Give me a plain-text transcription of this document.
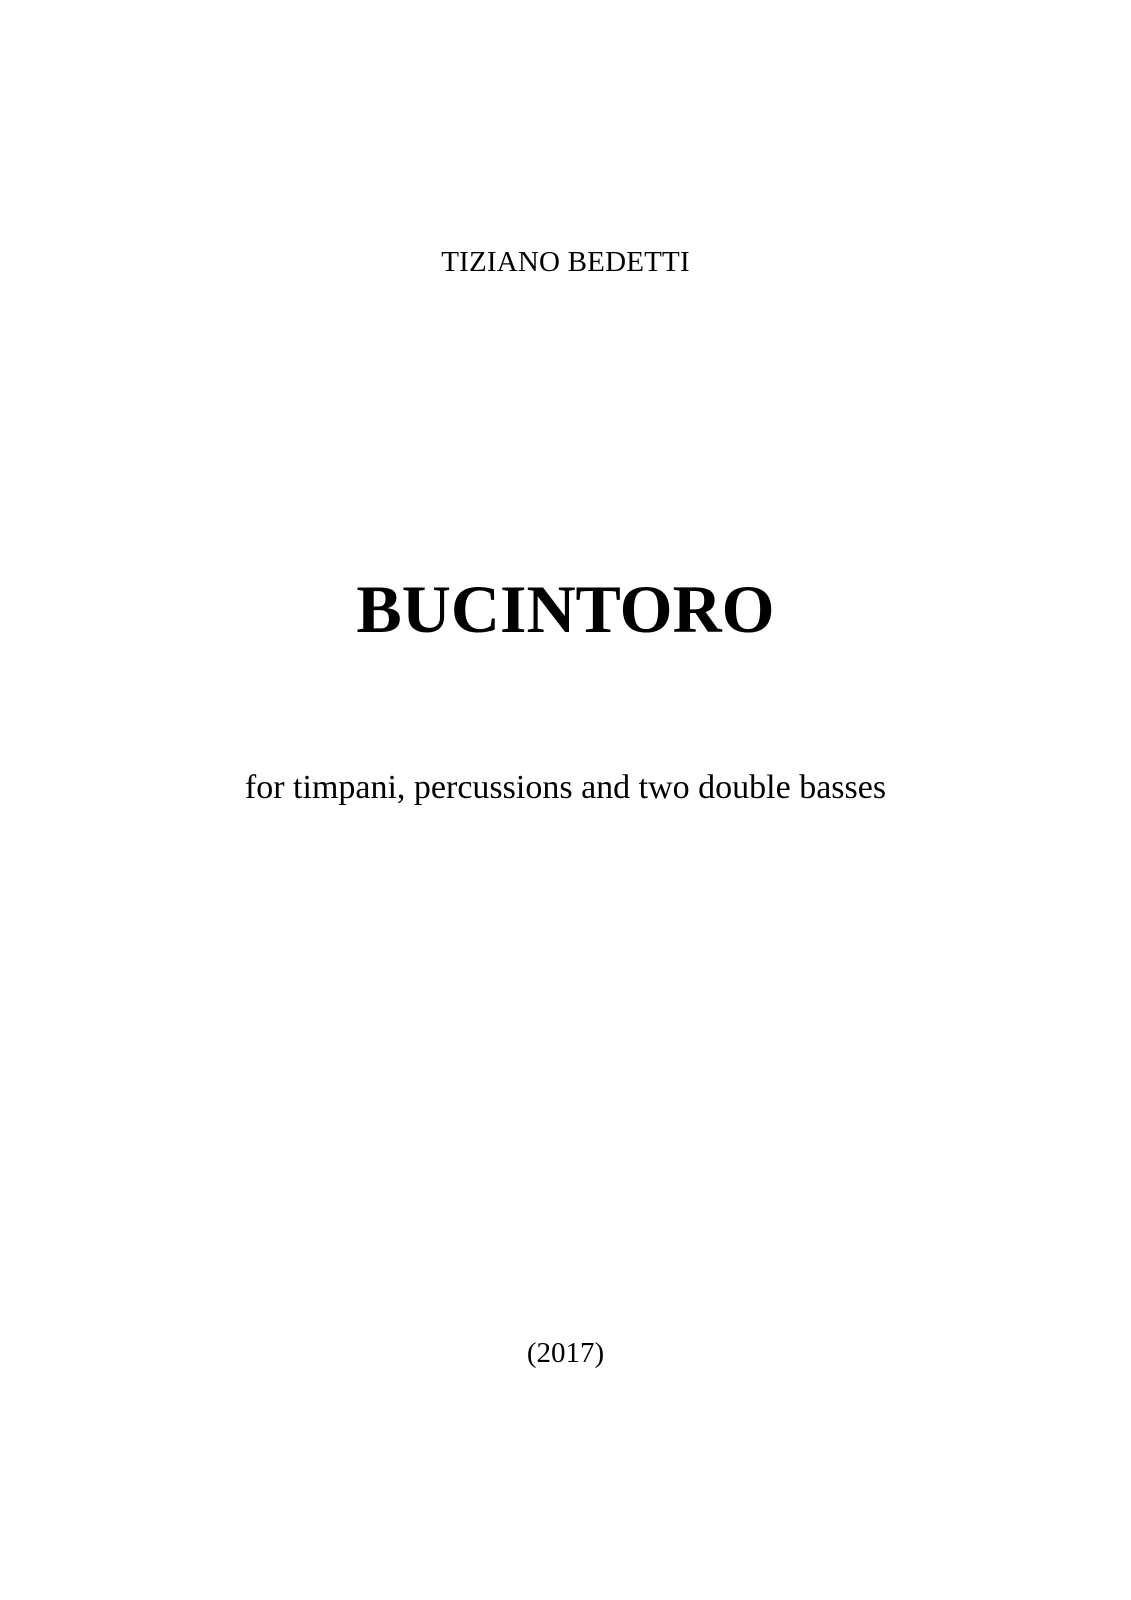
TIZIANO BEDETTI
BUCINTORO
for timpani, percussions and two double basses
(2017)
